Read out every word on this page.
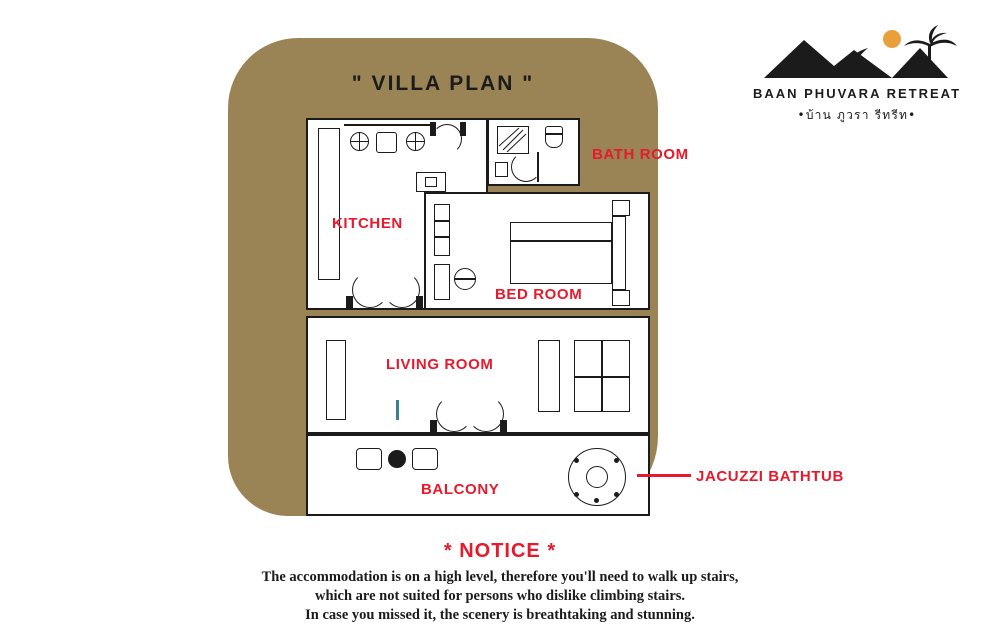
BAAN PHUVARA RETREAT
•บ้าน ภูวรา รีทรีท•
" VILLA PLAN "
BATH ROOM
KITCHEN
BED ROOM
LIVING ROOM
BALCONY
JACUZZI BATHTUB
* NOTICE *
The accommodation is on a high level, therefore you'll need to walk up stairs,
which are not suited for persons who dislike climbing stairs.
In case you missed it, the scenery is breathtaking and stunning.
